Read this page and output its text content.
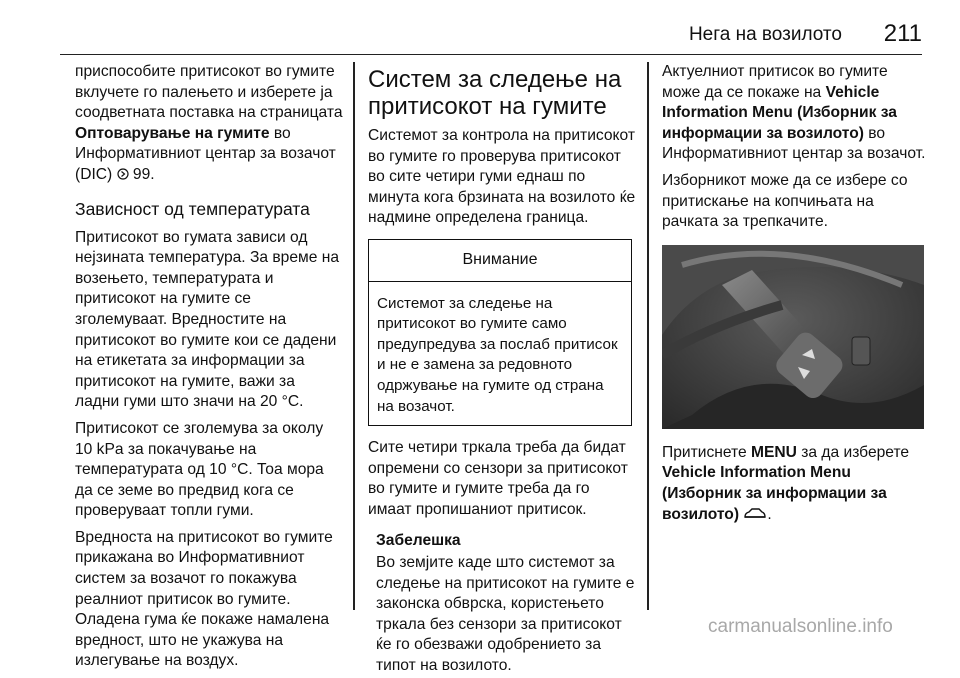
Нега на возилото 211

приспособите притисокот во гумите вклучете го палењето и изберете ја соодветната поставка на страницата Оптоварување на гумите во Информативниот центар за возачот (DIC)  99.

Зависност од температурата

Притисокот во гумата зависи од нејзината температура. За време на возењето, температурата и притисокот на гумите се зголемуваат. Вредностите на притисокот во гумите кои се дадени на етикетата за информации за притисокот на гумите, важи за ладни гуми што значи на 20 °C.

Притисокот се зголемува за околу 10 kPa за покачување на температурата од 10 °C. Тоа мора да се земе во предвид кога се проверуваат топли гуми.

Вредноста на притисокот во гумите прикажана во Информативниот систем за возачот го покажува реалниот притисок во гумите. Оладена гума ќе покаже намалена вредност, што не укажува на излегување на воздух.

Систем за следење на притисокот на гумите

Системот за контрола на притисокот во гумите го проверува притисокот во сите четири гуми еднаш по минута кога брзината на возилото ќе надмине определена граница.

Внимание
Системот за следење на притисокот во гумите само предупредува за послаб притисок и не е замена за редовното одржување на гумите од страна на возачот.

Сите четири тркала треба да бидат опремени со сензори за притисокот во гумите и гумите треба да го имаат пропишаниот притисок.

Забелешка
Во земјите каде што системот за следење на притисокот на гумите е законска обврска, користењето тркала без сензори за притисокот ќе го обезважи одобрението за типот на возилото.

Актуелниот притисок во гумите може да се покаже на Vehicle Information Menu (Изборник за информации за возилото) во Информативниот центар за возачот.

Изборникот може да се избере со притискање на копчињата на рачката за трепкачите.

Притиснете MENU за да изберете Vehicle Information Menu (Изборник за информации за возилото) .

carmanualsonline.info
